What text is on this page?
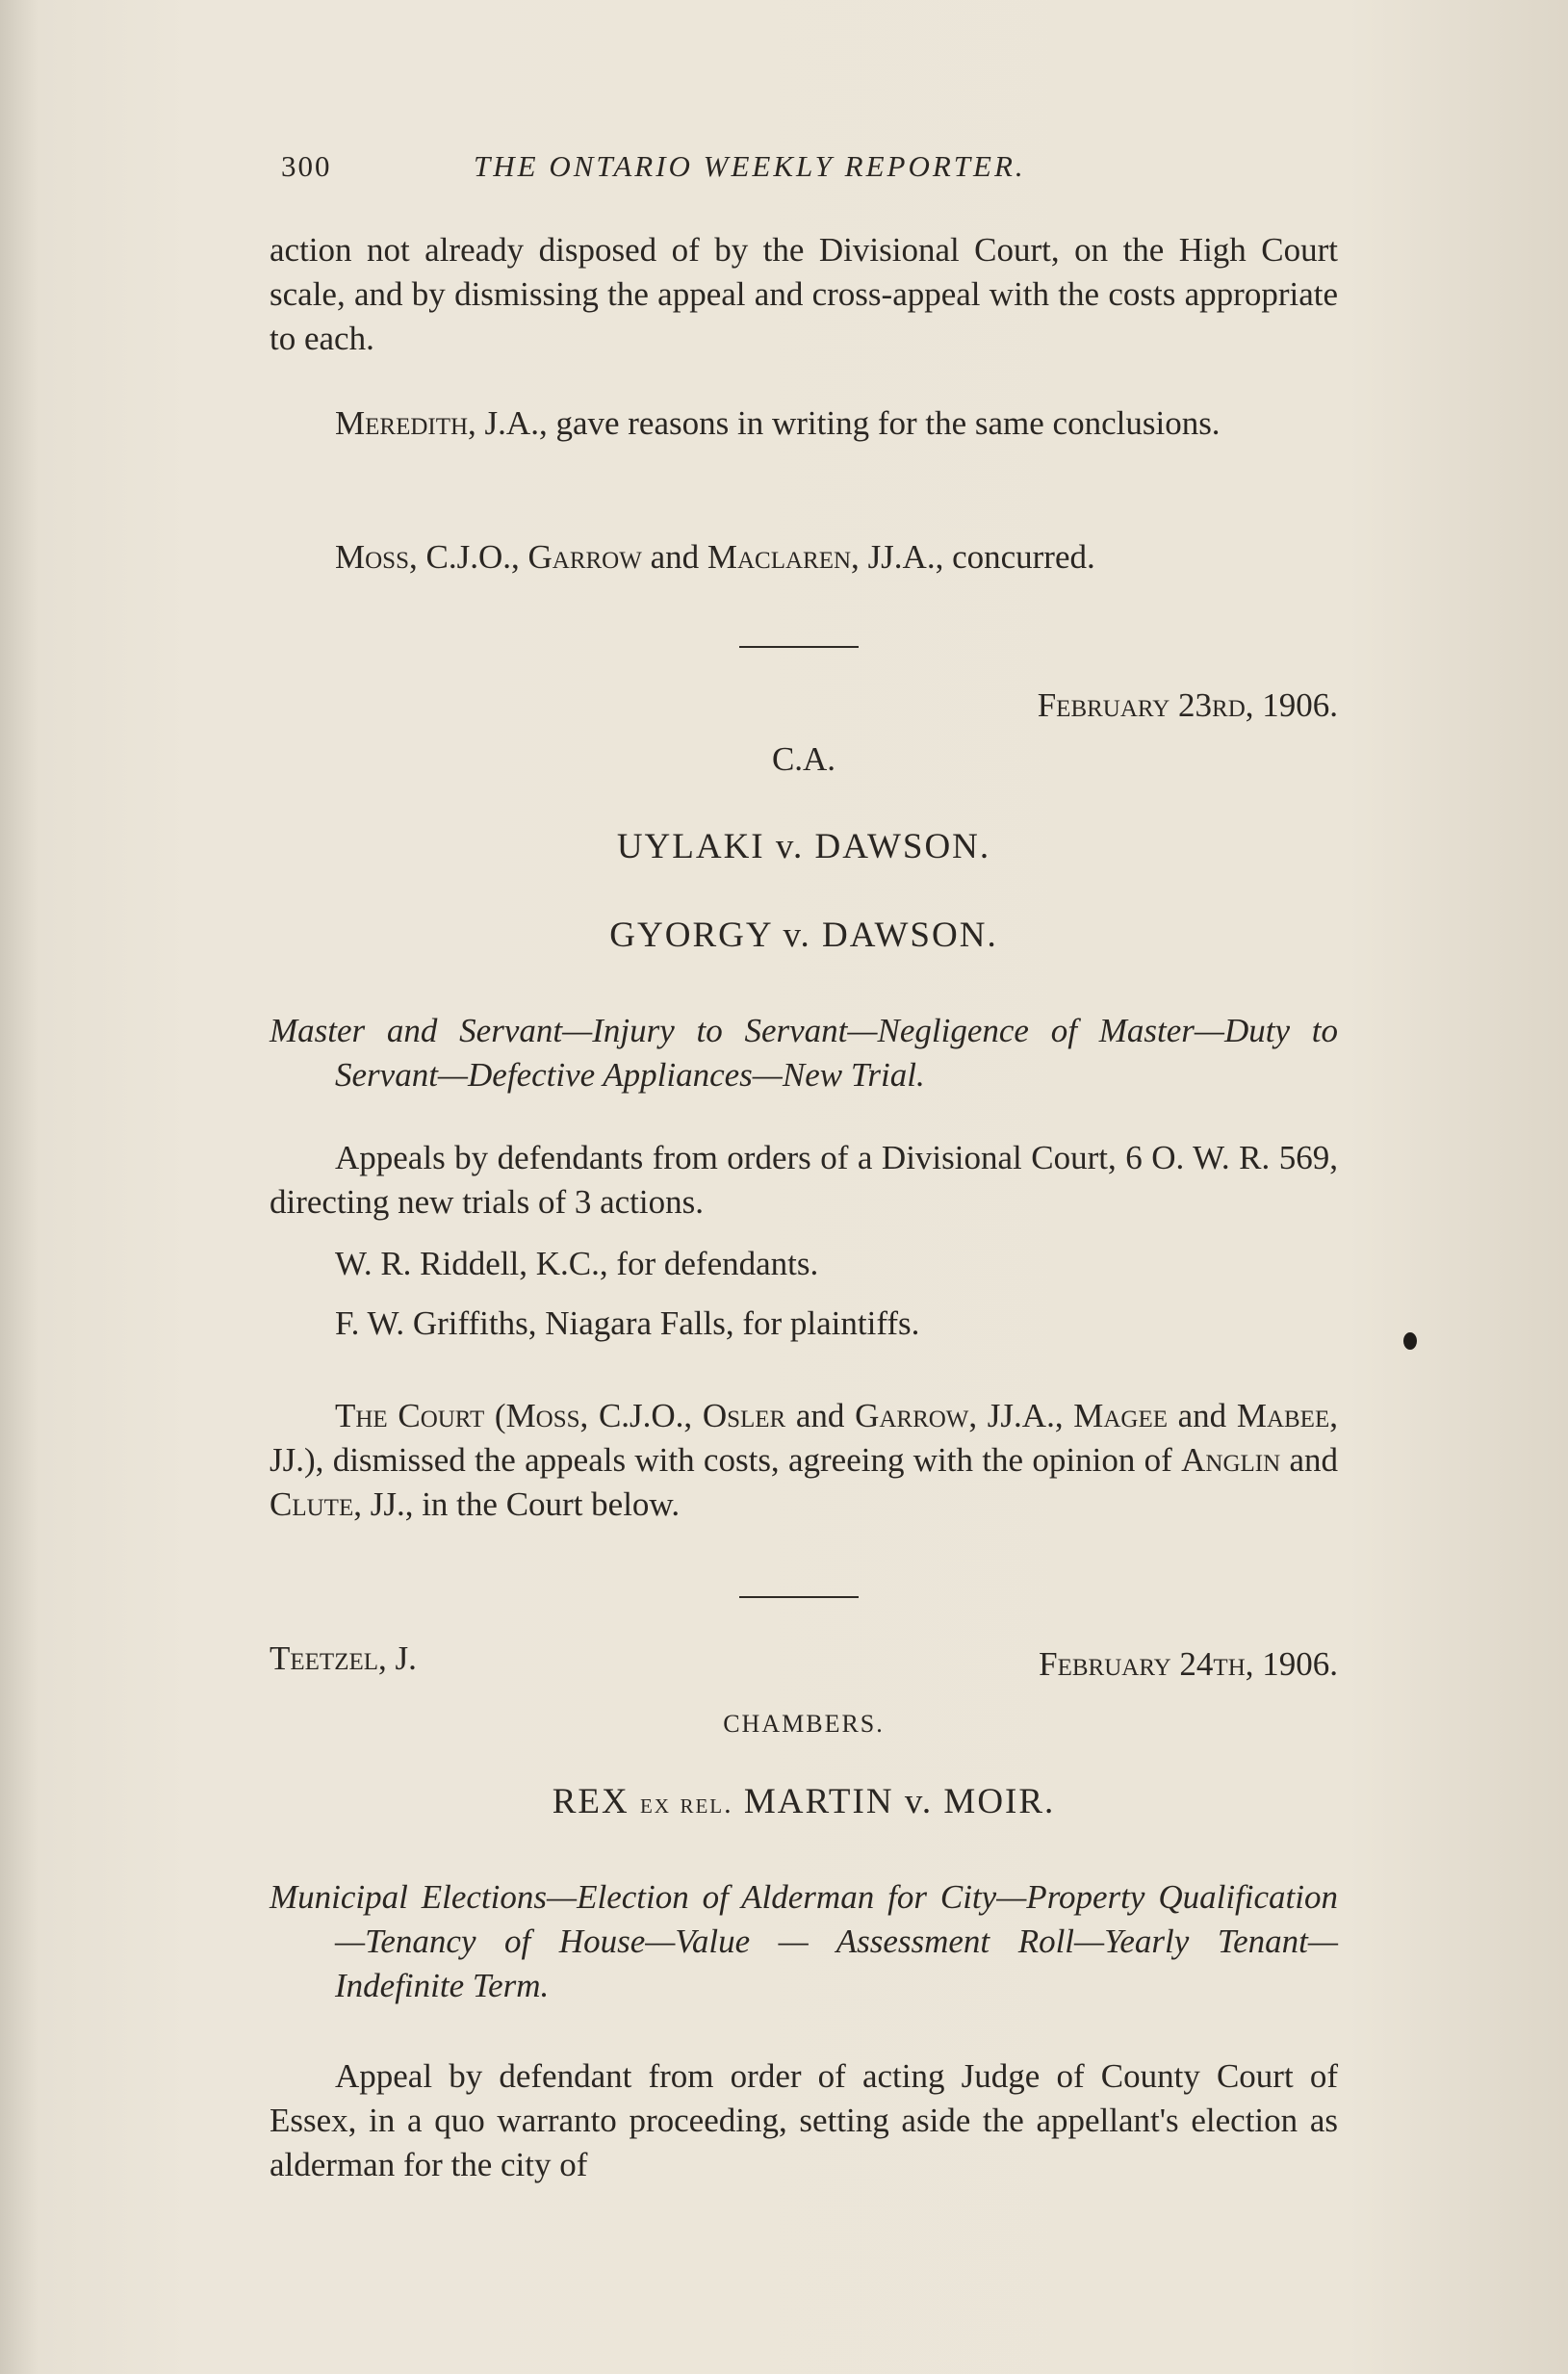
300	THE ONTARIO WEEKLY REPORTER.

action not already disposed of by the Divisional Court, on the High Court scale, and by dismissing the appeal and cross-appeal with the costs appropriate to each.

Meredith, J.A., gave reasons in writing for the same conclusions.

Moss, C.J.O., Garrow and Maclaren, JJ.A., concurred.

February 23rd, 1906.

C.A.

UYLAKI v. DAWSON.
GYORGY v. DAWSON.

Master and Servant—Injury to Servant—Negligence of Master—Duty to Servant—Defective Appliances—New Trial.

Appeals by defendants from orders of a Divisional Court, 6 O. W. R. 569, directing new trials of 3 actions.

W. R. Riddell, K.C., for defendants.

F. W. Griffiths, Niagara Falls, for plaintiffs.

The Court (Moss, C.J.O., Osler and Garrow, JJ.A., Magee and Mabee, JJ.), dismissed the appeals with costs, agreeing with the opinion of Anglin and Clute, JJ., in the Court below.

Teetzel, J.	February 24th, 1906.

CHAMBERS.

REX ex rel. MARTIN v. MOIR.

Municipal Elections—Election of Alderman for City—Property Qualification—Tenancy of House—Value — Assessment Roll—Yearly Tenant—Indefinite Term.

Appeal by defendant from order of acting Judge of County Court of Essex, in a quo warranto proceeding, setting aside the appellant's election as alderman for the city of
